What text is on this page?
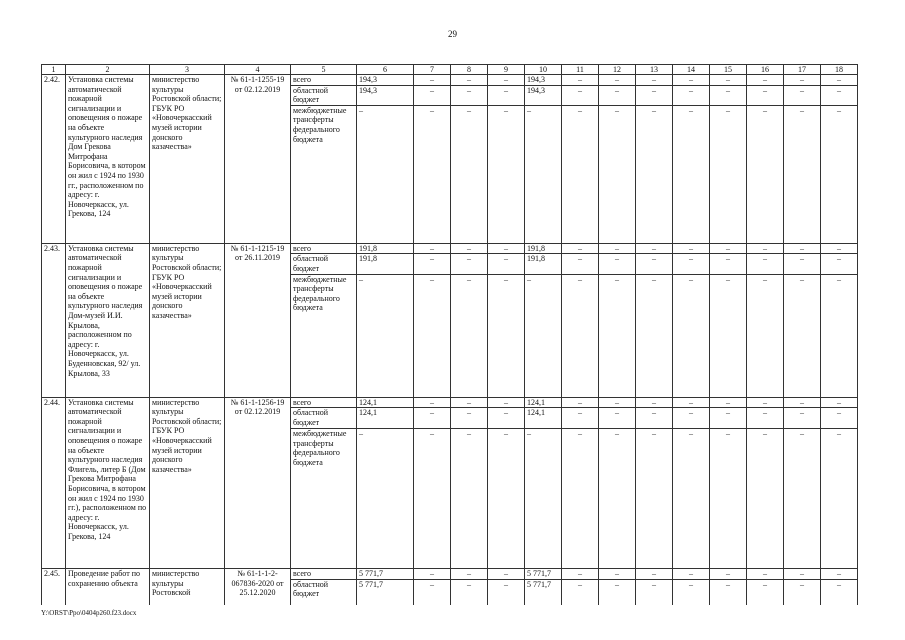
29
1	2	3	4	5	6	7	8	9	10	11	12	13	14	15	16	17	18
2.42.	Установка системы автоматической пожарной сигнализации и оповещения о пожаре на объекте культурного наследия Дом Грекова Митрофана Борисовича, в котором он жил с 1924 по 1930 гг., расположенном по адресу: г. Новочеркасск, ул. Грекова, 124	министерство культуры Ростовской области; ГБУК РО «Новочеркасский музей истории донского казачества»	№ 61-1-1255-19 от 02.12.2019	всего	194,3	–	–	–	194,3	–	–	–	–	–	–	–	–
				областной бюджет	194,3	–	–	–	194,3	–	–	–	–	–	–	–	–
				межбюджетные трансферты федерального бюджета	–	–	–	–	–	–	–	–	–	–	–	–	–
2.43.	Установка системы автоматической пожарной сигнализации и оповещения о пожаре на объекте культурного наследия Дом-музей И.И. Крылова, расположенном по адресу: г. Новочеркасск, ул. Буденновская, 92/ ул. Крылова, 33	министерство культуры Ростовской области; ГБУК РО «Новочеркасский музей истории донского казачества»	№ 61-1-1215-19 от 26.11.2019	всего	191,8	–	–	–	191,8	–	–	–	–	–	–	–	–
				областной бюджет	191,8	–	–	–	191,8	–	–	–	–	–	–	–	–
				межбюджетные трансферты федерального бюджета	–	–	–	–	–	–	–	–	–	–	–	–	–
2.44.	Установка системы автоматической пожарной сигнализации и оповещения о пожаре на объекте культурного наследия Флигель, литер Б (Дом Грекова Митрофана Борисовича, в котором он жил с 1924 по 1930 гг.), расположенном по адресу: г. Новочеркасск, ул. Грекова, 124	министерство культуры Ростовской области; ГБУК РО «Новочеркасский музей истории донского казачества»	№ 61-1-1256-19 от 02.12.2019	всего	124,1	–	–	–	124,1	–	–	–	–	–	–	–	–
				областной бюджет	124,1	–	–	–	124,1	–	–	–	–	–	–	–	–
				межбюджетные трансферты федерального бюджета	–	–	–	–	–	–	–	–	–	–	–	–	–
2.45.	Проведение работ по сохранению объекта	министерство культуры Ростовской	№ 61-1-1-2-067836-2020 от 25.12.2020	всего	5 771,7	–	–	–	5 771,7	–	–	–	–	–	–	–	–
				областной бюджет	5 771,7	–	–	–	5 771,7	–	–	–	–	–	–	–	–
Y:\ORST\Ppo\0404p260.f23.docx
